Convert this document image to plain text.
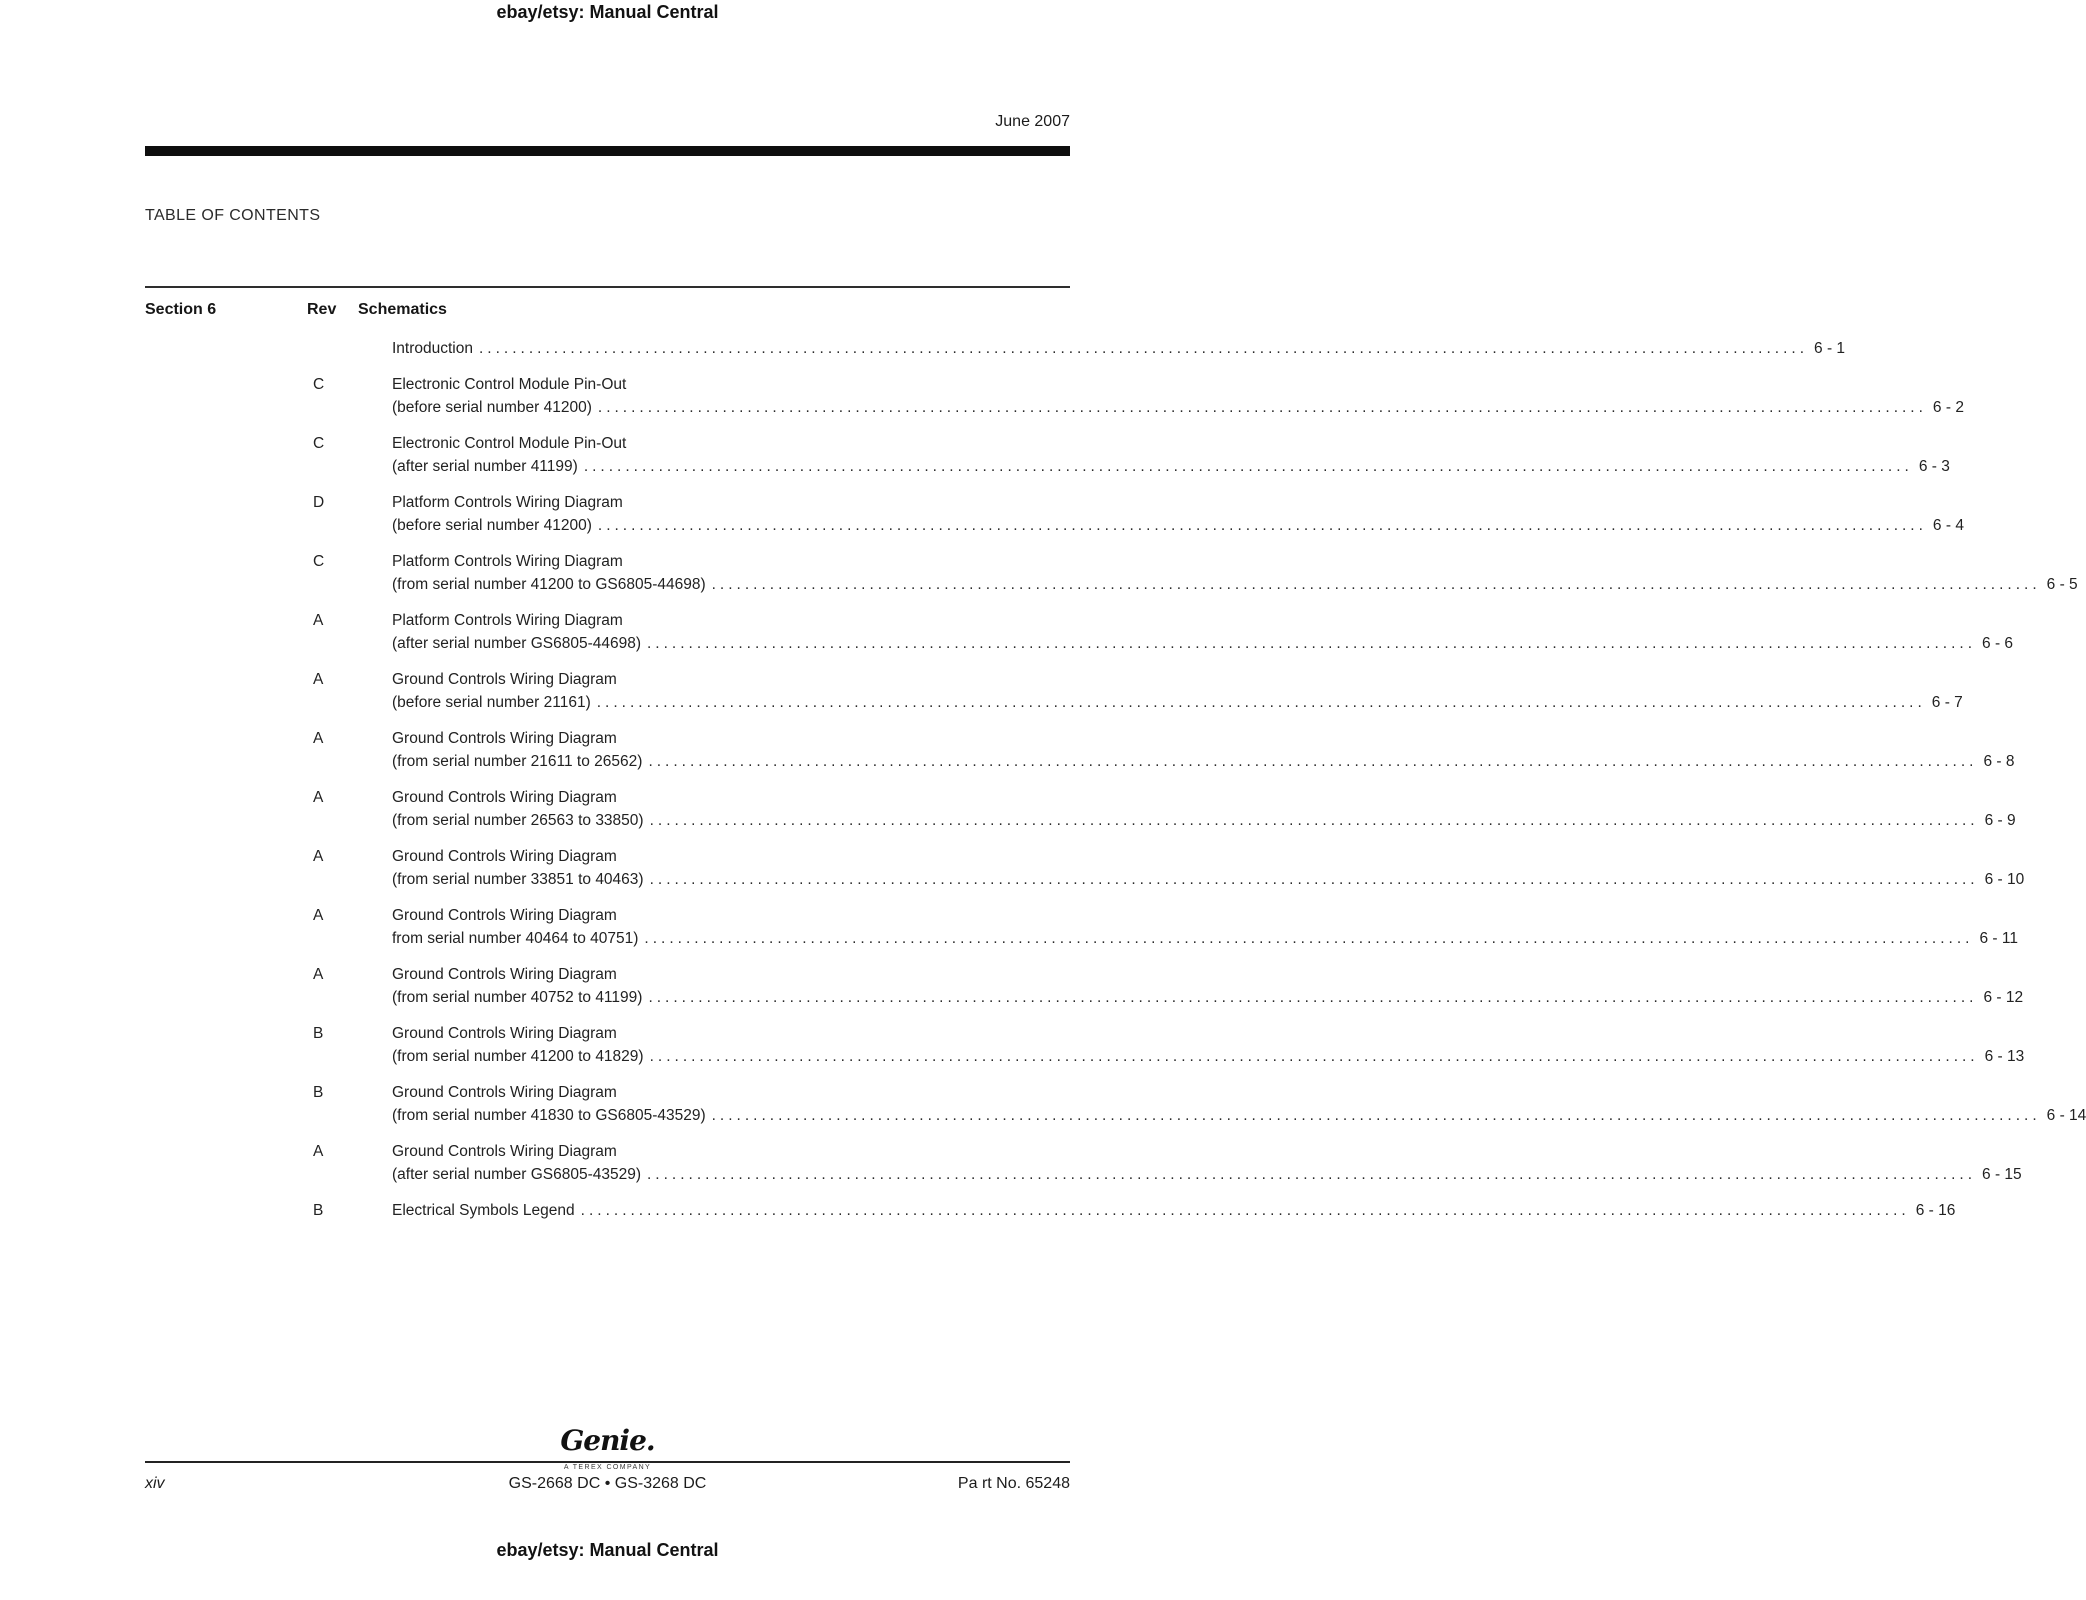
ebay/etsy: Manual Central
June 2007
TABLE OF CONTENTS
Section 6	Rev	Schematics
Introduction .....	6 - 1
C	Electronic Control Module Pin-Out
(before serial number 41200) .....	6 - 2
C	Electronic Control Module Pin-Out
(after serial number 41199) .....	6 - 3
D	Platform Controls Wiring Diagram
(before serial number 41200) .....	6 - 4
C	Platform Controls Wiring Diagram
(from serial number 41200 to GS6805-44698) .....	6 - 5
A	Platform Controls Wiring Diagram
(after serial number GS6805-44698) .....	6 - 6
A	Ground Controls Wiring Diagram
(before serial number 21161) .....	6 - 7
A	Ground Controls Wiring Diagram
(from serial number 21611 to 26562) .....	6 - 8
A	Ground Controls Wiring Diagram
(from serial number 26563 to 33850) .....	6 - 9
A	Ground Controls Wiring Diagram
(from serial number 33851 to 40463) .....	6 - 10
A	Ground Controls Wiring Diagram
from serial number 40464 to 40751) .....	6 - 11
A	Ground Controls Wiring Diagram
(from serial number 40752 to 41199) .....	6 - 12
B	Ground Controls Wiring Diagram
(from serial number 41200 to 41829) .....	6 - 13
B	Ground Controls Wiring Diagram
(from serial number 41830 to GS6805-43529) .....	6 - 14
A	Ground Controls Wiring Diagram
(after serial number GS6805-43529) .....	6 - 15
B	Electrical Symbols Legend .....	6 - 16
Genie.
A TEREX COMPANY
xiv	GS-2668 DC • GS-3268 DC	Pa rt No. 65248
ebay/etsy: Manual Central
